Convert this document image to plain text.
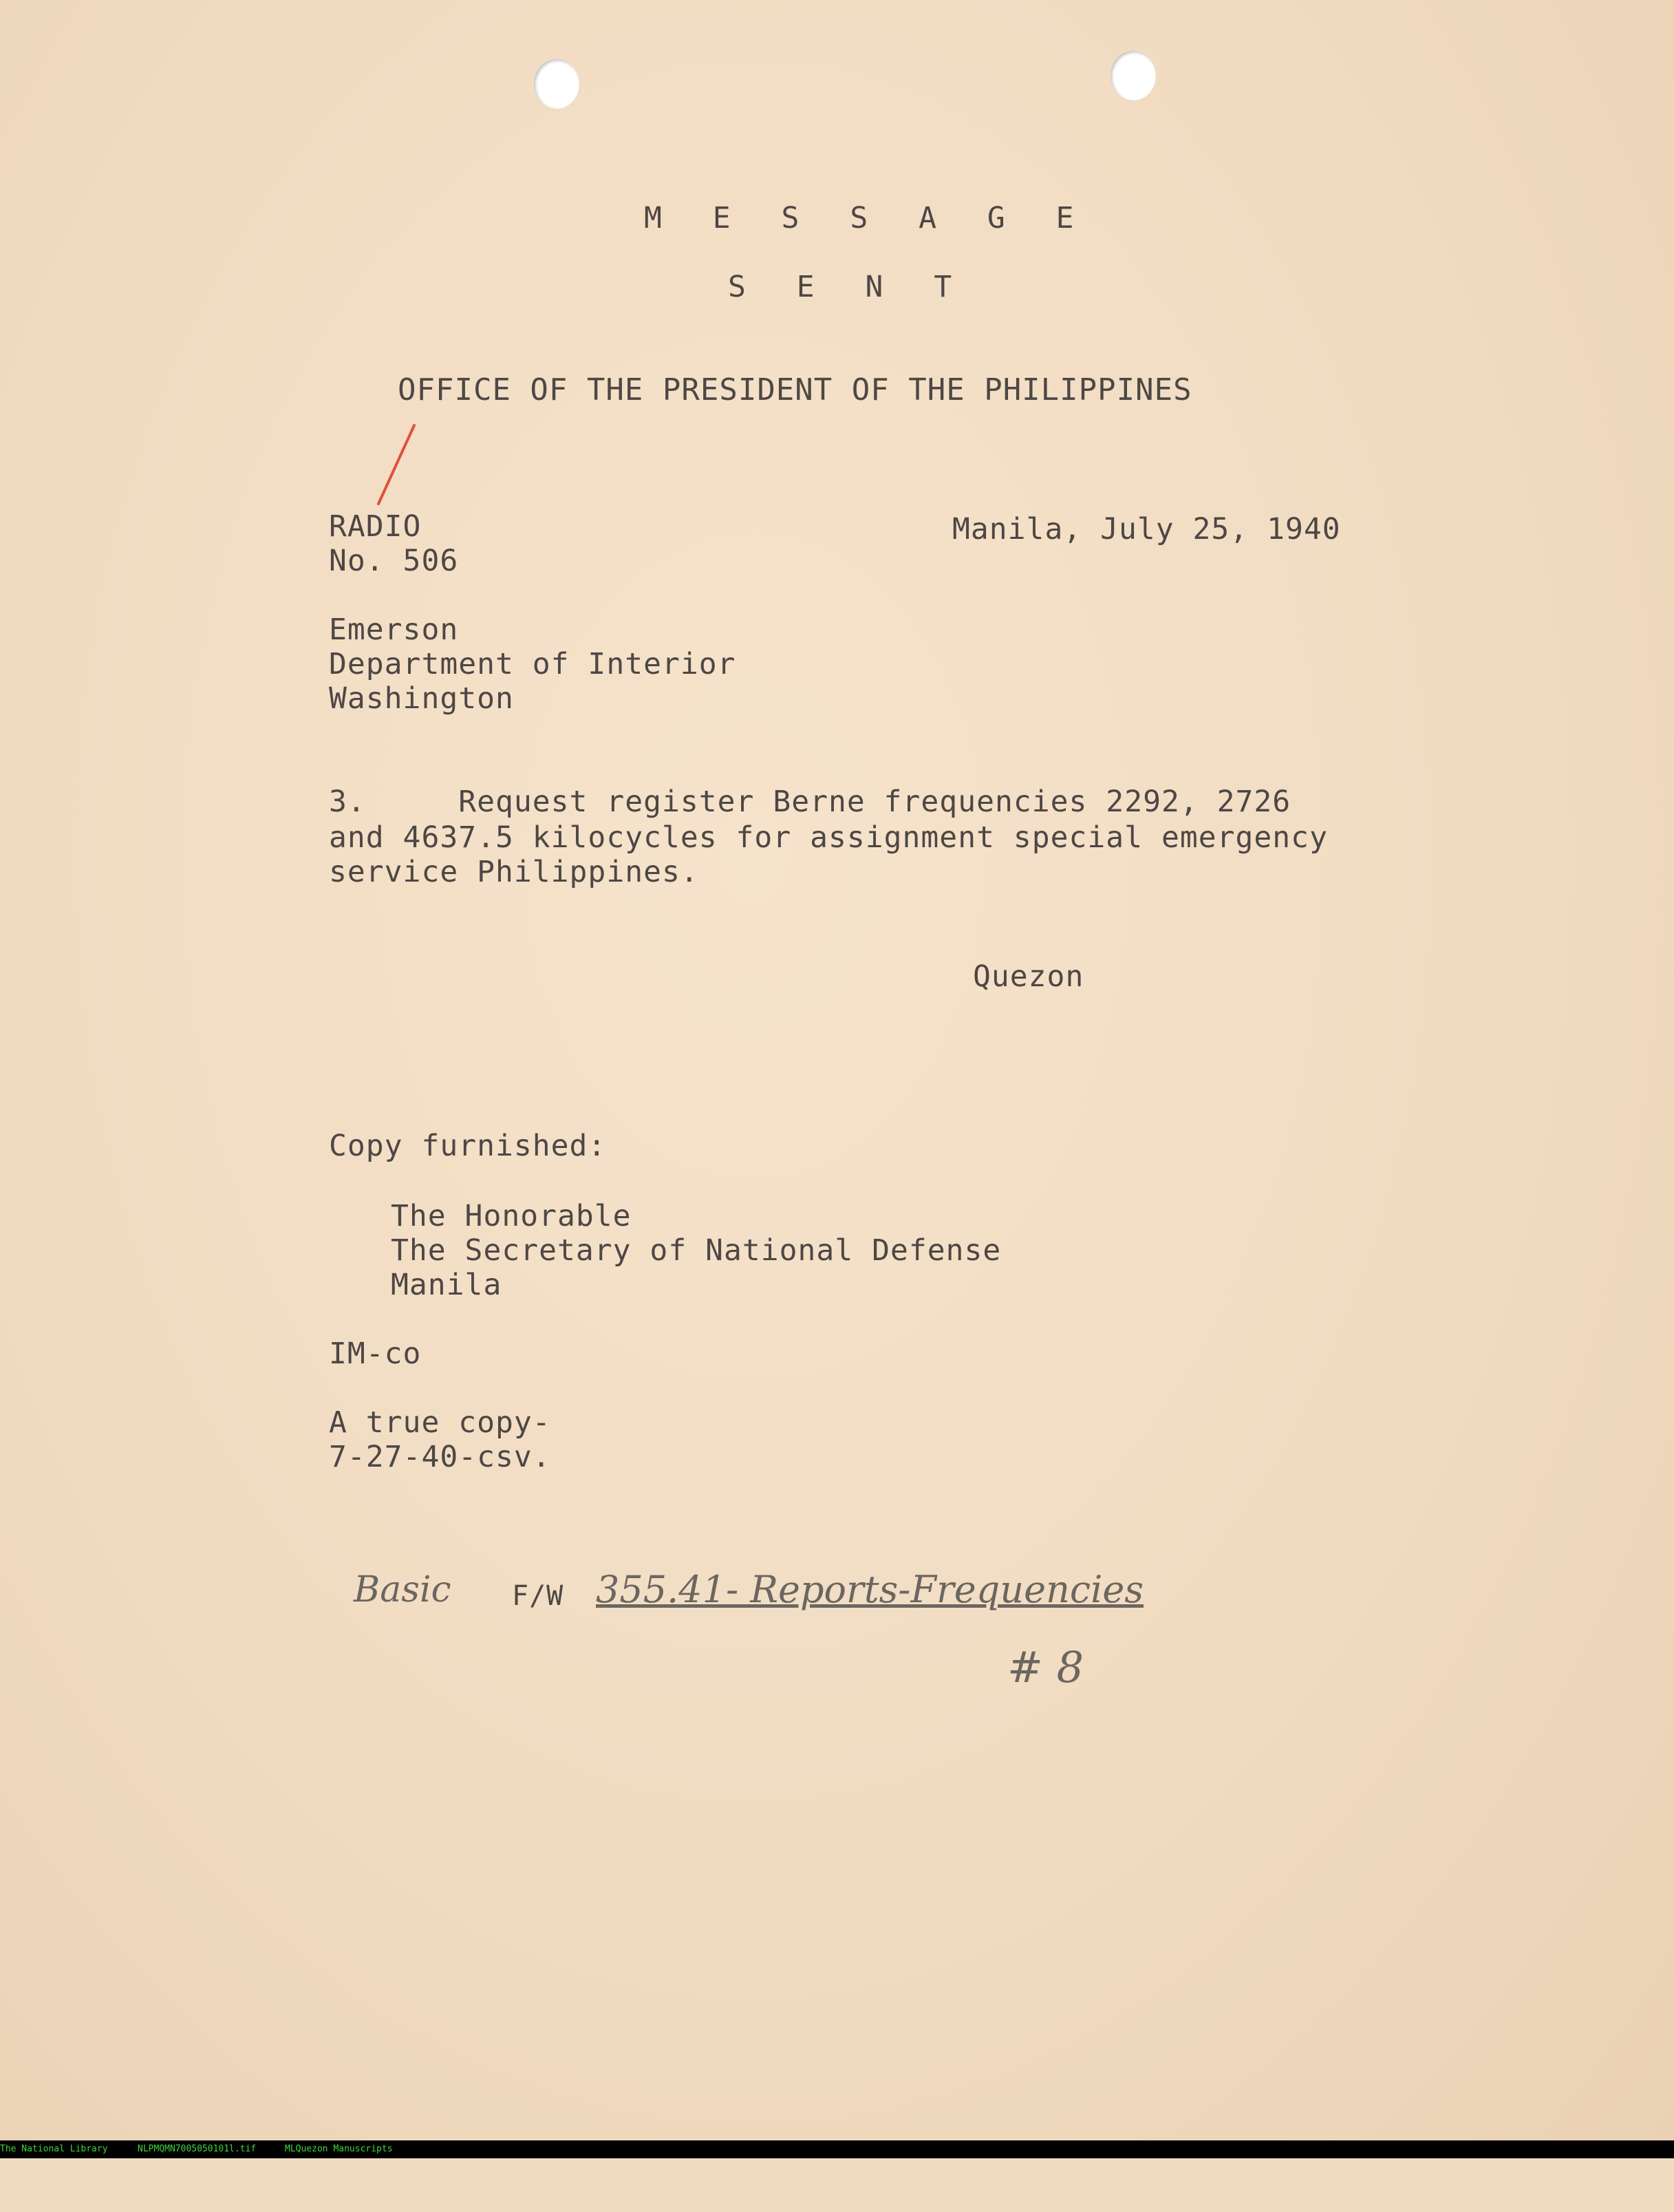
M E S S A G E
S E N T
OFFICE OF THE PRESIDENT OF THE PHILIPPINES
RADIO
No. 506
Manila, July 25, 1940
Emerson
Department of Interior
Washington
3.     Request register Berne frequencies 2292, 2726
and 4637.5 kilocycles for assignment special emergency
service Philippines.
Quezon
Copy furnished:
The Honorable
The Secretary of National Defense
Manila
IM-co
A true copy-
7-27-40-csv.
Basic F/W 355.41- Reports-Frequencies
# 8

The National Library

	NLPMQMN7005050101l.tif

	MLQuezon Manuscripts
